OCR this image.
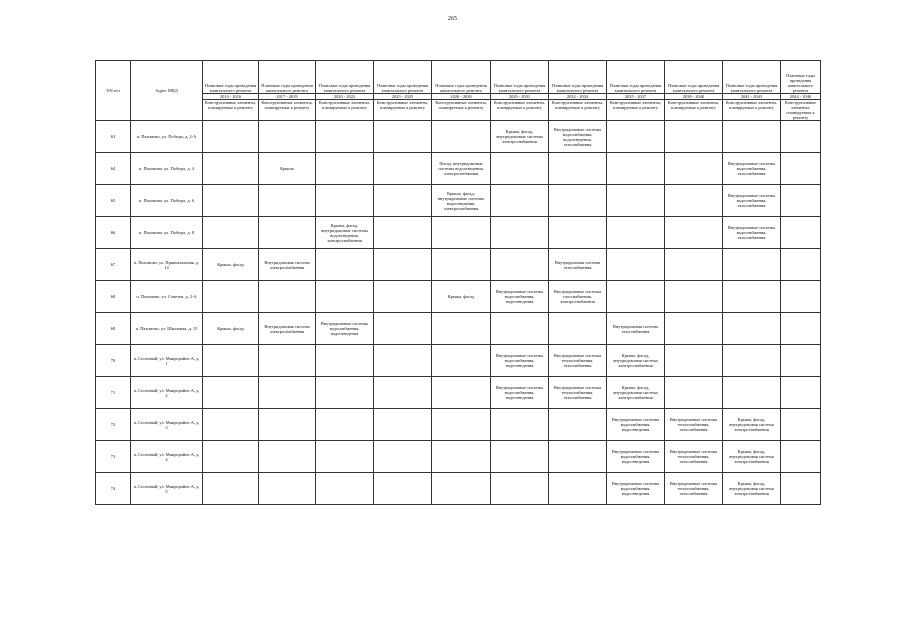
265
NN п/п	Адрес МКД	Плановые годы проведения капитального ремонта	Плановые годы проведения капитального ремонта	Плановые годы проведения капитального ремонта	Плановые годы проведения капитального ремонта	Плановые годы проведения капитального ремонта	Плановые годы проведения капитального ремонта	Плановые годы проведения капитального ремонта	Плановые годы проведения капитального ремонта	Плановые годы проведения капитального ремонта	Плановые годы проведения капитального ремонта	Плановые годы проведения капитального ремонта
		2014 - 2016	2017 - 2019	2020 - 2022	2023 - 2025	2026 - 2028	2029 - 2031	2032 - 2034	2035 - 2037	2038 - 2040	2041 - 2043	2044 - 2046
		Конструктивные элементы, планируемые к ремонту	Конструктивные элементы, планируемые к ремонту	Конструктивные элементы, планируемые к ремонту	Конструктивные элементы, планируемые к ремонту	Конструктивные элементы, планируемые к ремонту	Конструктивные элементы, планируемые к ремонту	Конструктивные элементы, планируемые к ремонту	Конструктивные элементы, планируемые к ремонту	Конструктивные элементы, планируемые к ремонту	Конструктивные элементы, планируемые к ремонту	Конструктивные элементы, планируемые к ремонту
63	п. Пахомово, ул. Победы, д. 2-А						Крыша, фасад, внутридомовые системы электроснабжения	Внутридомовые системы водоснабжения, водоотведения, газоснабжения				
64	п. Пахомово, ул. Победы, д. 4		Крыша			Фасад, внутридомовые системы водоотведения, электроснабжения					Внутридомовые системы водоснабжения, газоснабжения	
65	п. Пахомово, ул. Победы, д. 6					Крыша, фасад, внутридомовые системы водоотведения, электроснабжения					Внутридомовые системы водоснабжения, газоснабжения	
66	п. Пахомово, ул. Победы, д. 8			Крыша, фасад, внутридомовые системы водоотведения, электроснабжения							Внутридомовые системы водоснабжения, газоснабжения	
67	п. Пахомово, ул. Привокзальная, д. 14	Крыша, фасад	Внутридомовая система электроснабжения					Внутридомовая система газоснабжения				
68	п. Пахомово, ул. Советов, д. 2-А					Крыша, фасад	Внутридомовые системы водоснабжения, водоотведения	Внутридомовые системы газоснабжения, электроснабжения				
69	п. Пахомово, ул. Школьная, д. 15	Крыша, фасад	Внутридомовая система электроснабжения	Внутридомовые системы водоснабжения, водоотведения					Внутридомовая система газоснабжения			
70	п. Сосновый, ул. Микрорайон А, д. 1						Внутридомовые системы водоснабжения, водоотведения	Внутридомовые системы теплоснабжения, газоснабжения	Крыша, фасад, внутридомовая система электроснабжения			
71	п. Сосновый, ул. Микрорайон А, д. 2						Внутридомовые системы водоснабжения, водоотведения	Внутридомовые системы теплоснабжения, газоснабжения	Крыша, фасад, внутридомовая система электроснабжения			
72	п. Сосновый, ул. Микрорайон А, д. 3								Внутридомовые системы водоснабжения, водоотведения	Внутридомовые системы теплоснабжения, газоснабжения	Крыша, фасад, внутридомовая система электроснабжения	
73	п. Сосновый, ул. Микрорайон А, д. 4								Внутридомовые системы водоснабжения, водоотведения	Внутридомовые системы теплоснабжения, газоснабжения	Крыша, фасад, внутридомовая система электроснабжения	
74	п. Сосновый, ул. Микрорайон А, д. 5								Внутридомовые системы водоснабжения, водоотведения	Внутридомовые системы теплоснабжения, газоснабжения	Крыша, фасад, внутридомовая система электроснабжения	
